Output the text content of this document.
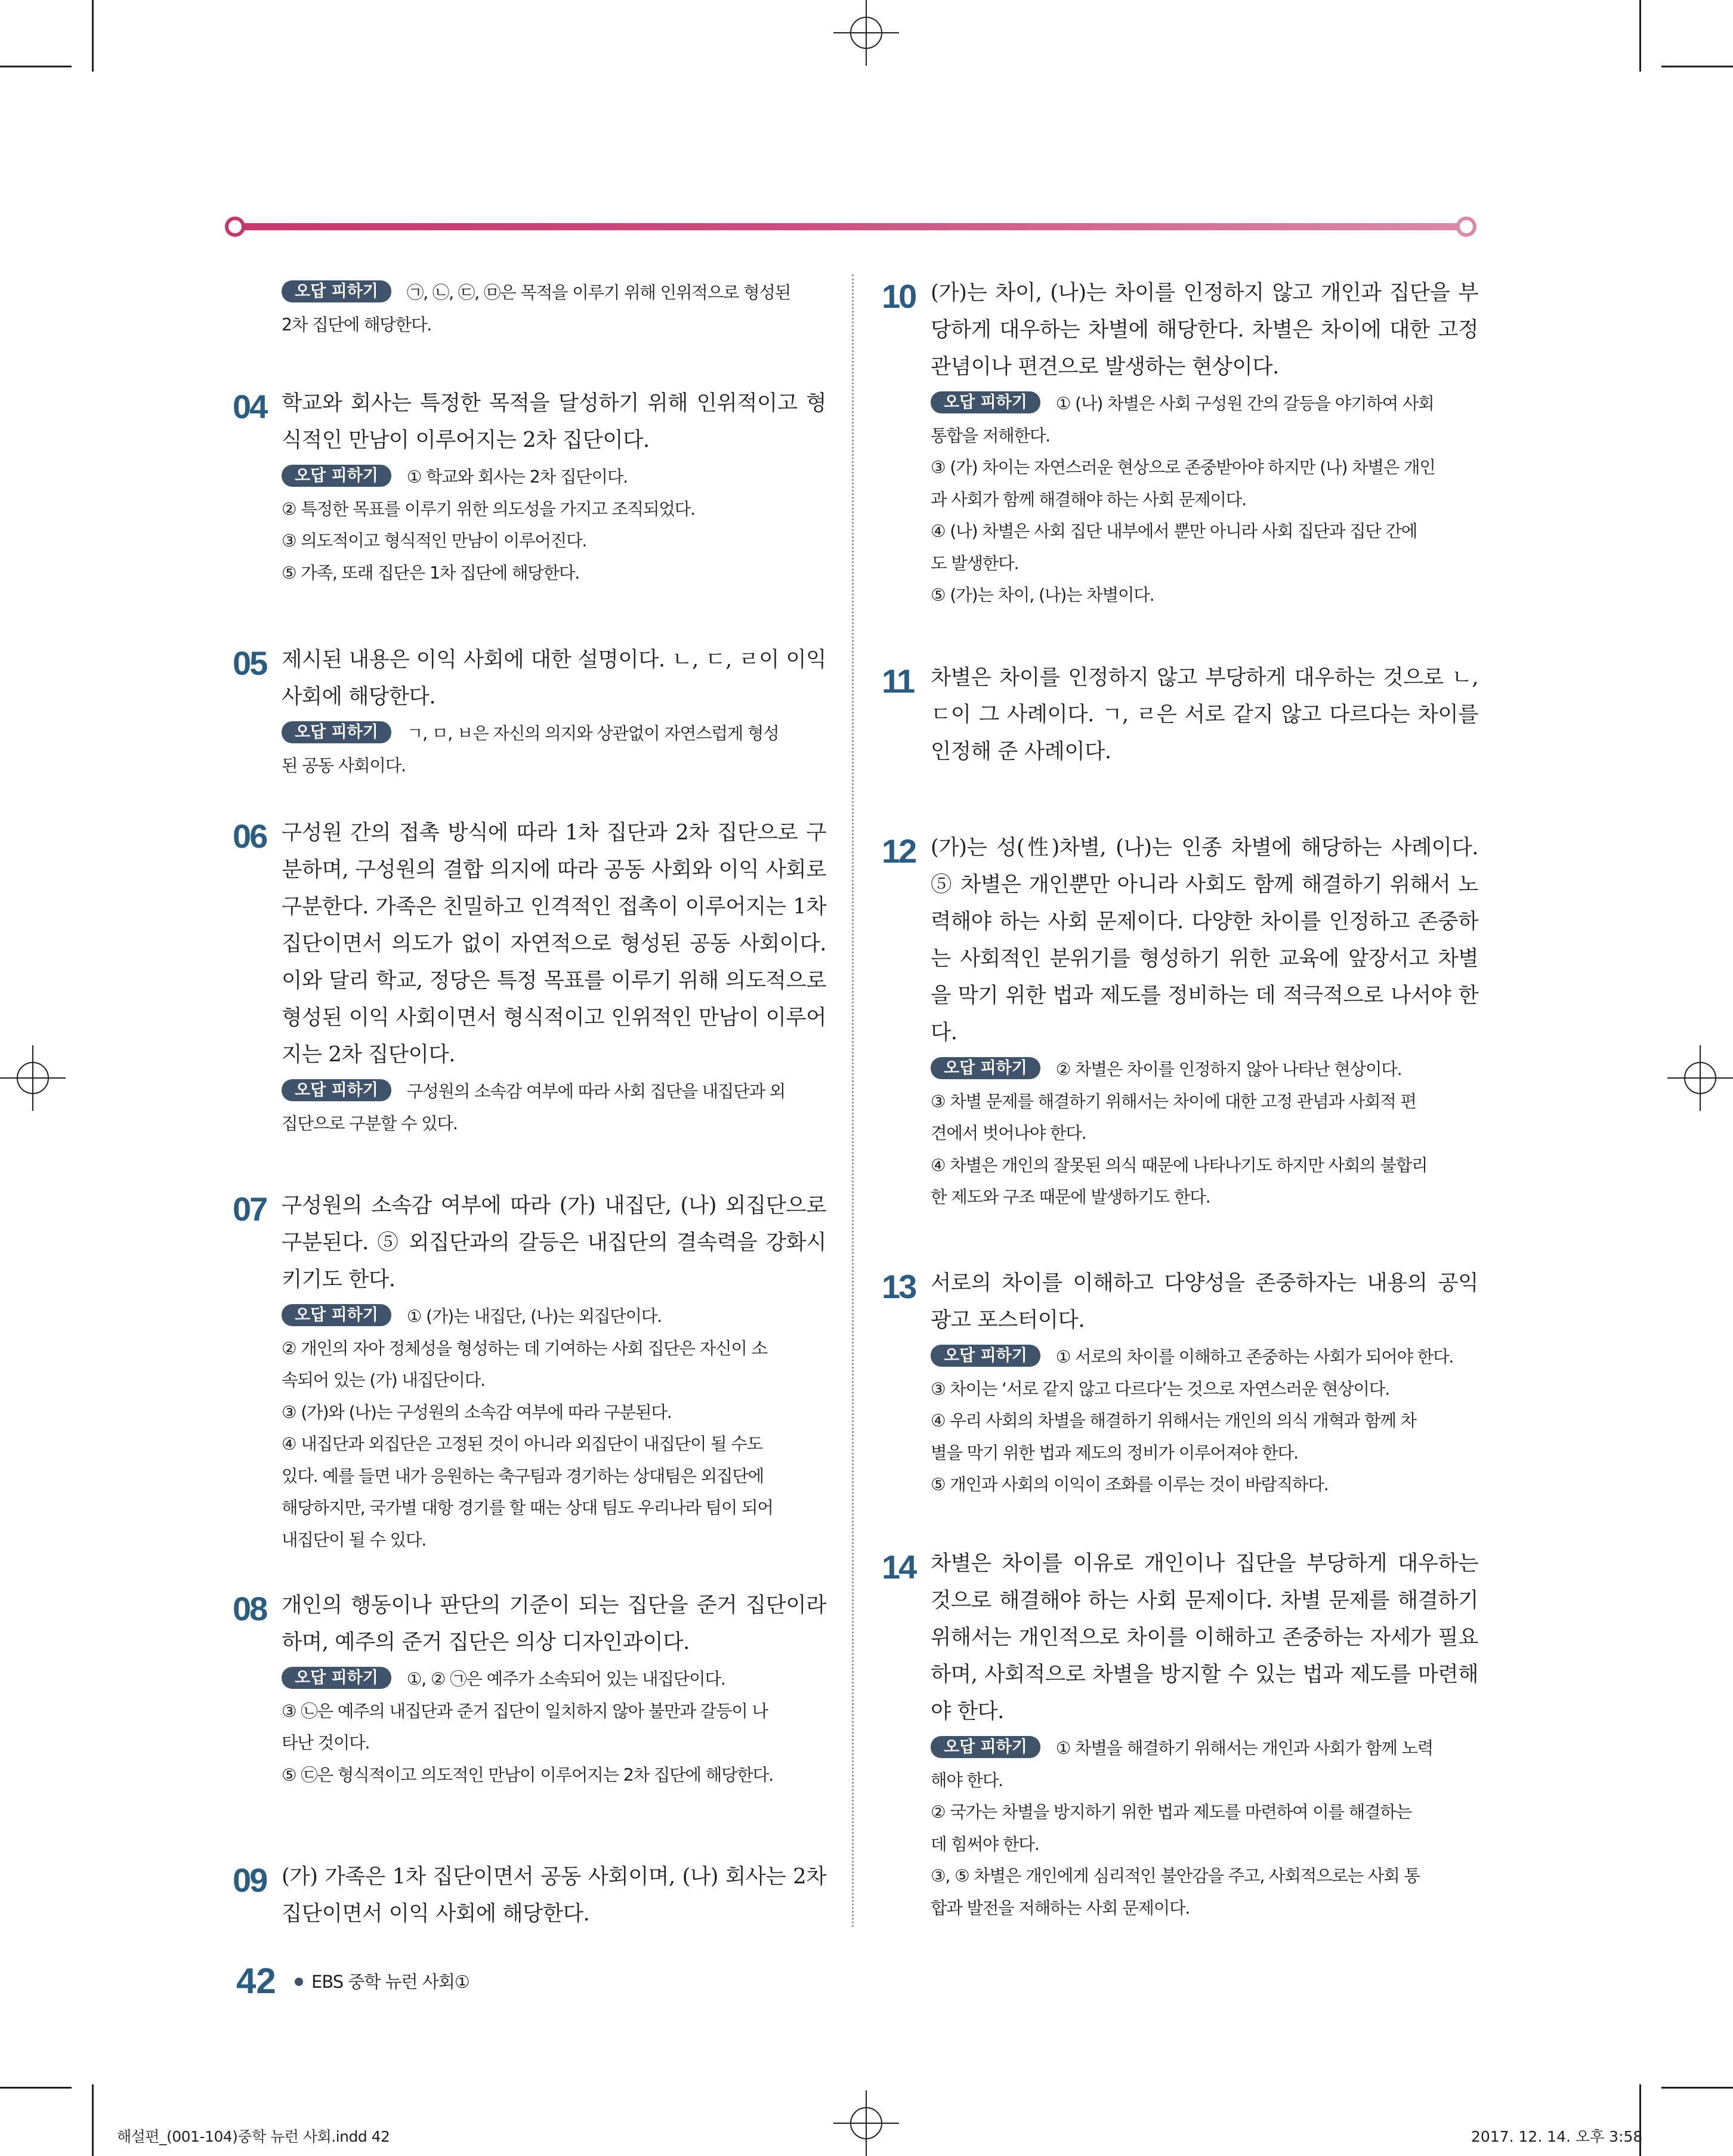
오답 피하기 ㉠, ㉡, ㉢, ㉤은 목적을 이루기 위해 인위적으로 형성된
2차 집단에 해당한다.
04 학교와 회사는 특정한 목적을 달성하기 위해 인위적이고 형식적인 만남이 이루어지는 2차 집단이다.
오답 피하기 ① 학교와 회사는 2차 집단이다.
② 특정한 목표를 이루기 위한 의도성을 가지고 조직되었다.
③ 의도적이고 형식적인 만남이 이루어진다.
⑤ 가족, 또래 집단은 1차 집단에 해당한다.
05 제시된 내용은 이익 사회에 대한 설명이다. ㄴ, ㄷ, ㄹ이 이익 사회에 해당한다.
오답 피하기 ㄱ, ㅁ, ㅂ은 자신의 의지와 상관없이 자연스럽게 형성
된 공동 사회이다.
06 구성원 간의 접촉 방식에 따라 1차 집단과 2차 집단으로 구분하며, 구성원의 결합 의지에 따라 공동 사회와 이익 사회로 구분한다. 가족은 친밀하고 인격적인 접촉이 이루어지는 1차 집단이면서 의도가 없이 자연적으로 형성된 공동 사회이다. 이와 달리 학교, 정당은 특정 목표를 이루기 위해 의도적으로 형성된 이익 사회이면서 형식적이고 인위적인 만남이 이루어지는 2차 집단이다.
오답 피하기 구성원의 소속감 여부에 따라 사회 집단을 내집단과 외
집단으로 구분할 수 있다.
07 구성원의 소속감 여부에 따라 (가) 내집단, (나) 외집단으로 구분된다. ⑤ 외집단과의 갈등은 내집단의 결속력을 강화시키기도 한다.
오답 피하기 ① (가)는 내집단, (나)는 외집단이다.
② 개인의 자아 정체성을 형성하는 데 기여하는 사회 집단은 자신이 소
속되어 있는 (가) 내집단이다.
③ (가)와 (나)는 구성원의 소속감 여부에 따라 구분된다.
④ 내집단과 외집단은 고정된 것이 아니라 외집단이 내집단이 될 수도
있다. 예를 들면 내가 응원하는 축구팀과 경기하는 상대팀은 외집단에
해당하지만, 국가별 대항 경기를 할 때는 상대 팀도 우리나라 팀이 되어
내집단이 될 수 있다.
08 개인의 행동이나 판단의 기준이 되는 집단을 준거 집단이라 하며, 예주의 준거 집단은 의상 디자인과이다.
오답 피하기 ①, ② ㉠은 예주가 소속되어 있는 내집단이다.
③ ㉡은 예주의 내집단과 준거 집단이 일치하지 않아 불만과 갈등이 나
타난 것이다.
⑤ ㉢은 형식적이고 의도적인 만남이 이루어지는 2차 집단에 해당한다.
09 (가) 가족은 1차 집단이면서 공동 사회이며, (나) 회사는 2차 집단이면서 이익 사회에 해당한다.
10 (가)는 차이, (나)는 차이를 인정하지 않고 개인과 집단을 부당하게 대우하는 차별에 해당한다. 차별은 차이에 대한 고정 관념이나 편견으로 발생하는 현상이다.
오답 피하기 ① (나) 차별은 사회 구성원 간의 갈등을 야기하여 사회
통합을 저해한다.
③ (가) 차이는 자연스러운 현상으로 존중받아야 하지만 (나) 차별은 개인
과 사회가 함께 해결해야 하는 사회 문제이다.
④ (나) 차별은 사회 집단 내부에서 뿐만 아니라 사회 집단과 집단 간에
도 발생한다.
⑤ (가)는 차이, (나)는 차별이다.
11 차별은 차이를 인정하지 않고 부당하게 대우하는 것으로 ㄴ, ㄷ이 그 사례이다. ㄱ, ㄹ은 서로 같지 않고 다르다는 차이를 인정해 준 사례이다.
12 (가)는 성(性)차별, (나)는 인종 차별에 해당하는 사례이다. ⑤ 차별은 개인뿐만 아니라 사회도 함께 해결하기 위해서 노력해야 하는 사회 문제이다. 다양한 차이를 인정하고 존중하는 사회적인 분위기를 형성하기 위한 교육에 앞장서고 차별을 막기 위한 법과 제도를 정비하는 데 적극적으로 나서야 한다.
오답 피하기 ② 차별은 차이를 인정하지 않아 나타난 현상이다.
③ 차별 문제를 해결하기 위해서는 차이에 대한 고정 관념과 사회적 편
견에서 벗어나야 한다.
④ 차별은 개인의 잘못된 의식 때문에 나타나기도 하지만 사회의 불합리
한 제도와 구조 때문에 발생하기도 한다.
13 서로의 차이를 이해하고 다양성을 존중하자는 내용의 공익 광고 포스터이다.
오답 피하기 ① 서로의 차이를 이해하고 존중하는 사회가 되어야 한다.
③ 차이는 ‘서로 같지 않고 다르다’는 것으로 자연스러운 현상이다.
④ 우리 사회의 차별을 해결하기 위해서는 개인의 의식 개혁과 함께 차
별을 막기 위한 법과 제도의 정비가 이루어져야 한다.
⑤ 개인과 사회의 이익이 조화를 이루는 것이 바람직하다.
14 차별은 차이를 이유로 개인이나 집단을 부당하게 대우하는 것으로 해결해야 하는 사회 문제이다. 차별 문제를 해결하기 위해서는 개인적으로 차이를 이해하고 존중하는 자세가 필요하며, 사회적으로 차별을 방지할 수 있는 법과 제도를 마련해야 한다.
오답 피하기 ① 차별을 해결하기 위해서는 개인과 사회가 함께 노력
해야 한다.
② 국가는 차별을 방지하기 위한 법과 제도를 마련하여 이를 해결하는
데 힘써야 한다.
③, ⑤ 차별은 개인에게 심리적인 불안감을 주고, 사회적으로는 사회 통
합과 발전을 저해하는 사회 문제이다.
42 EBS 중학 뉴런 사회①
해설편_(001-104)중학 뉴런 사회.indd 42	2017. 12. 14. 오후 3:58
